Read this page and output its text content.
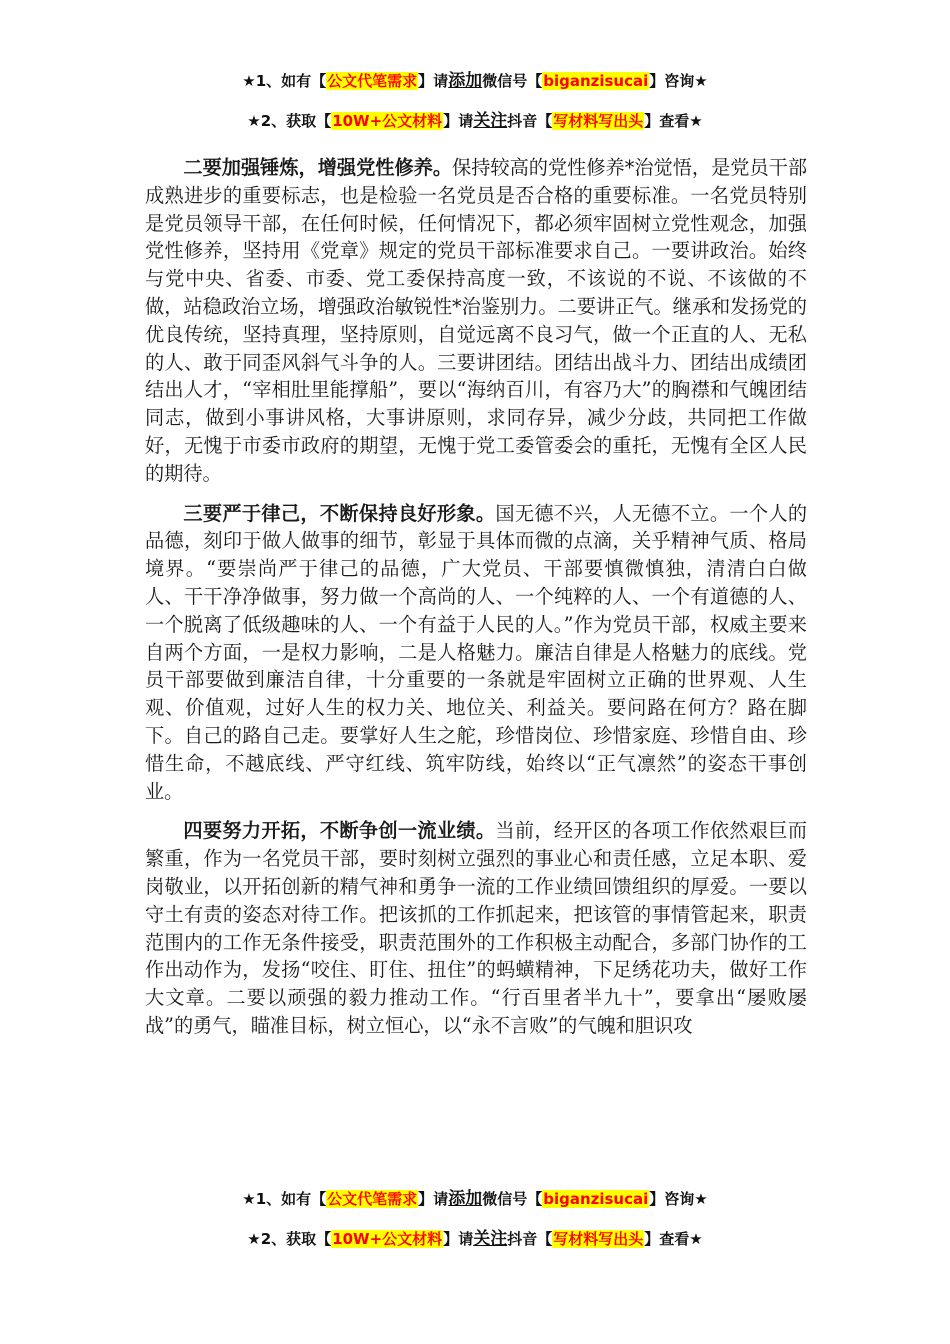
★1、如有【公文代笔需求】请添加微信号【biganzisucai】咨询★
★2、获取【10W+公文材料】请关注抖音【写材料写出头】查看★

二要加强锤炼，增强党性修养。保持较高的党性修养*治觉悟，是党员干部成熟进步的重要标志，也是检验一名党员是否合格的重要标准。一名党员特别是党员领导干部，在任何时候，任何情况下，都必须牢固树立党性观念，加强党性修养，坚持用《党章》规定的党员干部标准要求自己。一要讲政治。始终与党中央、省委、市委、党工委保持高度一致，不该说的不说、不该做的不做，站稳政治立场，增强政治敏锐性*治鉴别力。二要讲正气。继承和发扬党的优良传统，坚持真理，坚持原则，自觉远离不良习气，做一个正直的人、无私的人、敢于同歪风斜气斗争的人。三要讲团结。团结出战斗力、团结出成绩团结出人才，“宰相肚里能撑船”，要以“海纳百川，有容乃大”的胸襟和气魄团结同志，做到小事讲风格，大事讲原则，求同存异，减少分歧，共同把工作做好，无愧于市委市政府的期望，无愧于党工委管委会的重托，无愧有全区人民的期待。

三要严于律己，不断保持良好形象。国无德不兴，人无德不立。一个人的品德，刻印于做人做事的细节，彰显于具体而微的点滴，关乎精神气质、格局境界。“要崇尚严于律己的品德，广大党员、干部要慎微慎独，清清白白做人、干干净净做事，努力做一个高尚的人、一个纯粹的人、一个有道德的人、一个脱离了低级趣味的人、一个有益于人民的人。”作为党员干部，权威主要来自两个方面，一是权力影响，二是人格魅力。廉洁自律是人格魅力的底线。党员干部要做到廉洁自律，十分重要的一条就是牢固树立正确的世界观、人生观、价值观，过好人生的权力关、地位关、利益关。要问路在何方？路在脚下。自己的路自己走。要掌好人生之舵，珍惜岗位、珍惜家庭、珍惜自由、珍惜生命，不越底线、严守红线、筑牢防线，始终以“正气凛然”的姿态干事创业。

四要努力开拓，不断争创一流业绩。当前，经开区的各项工作依然艰巨而繁重，作为一名党员干部，要时刻树立强烈的事业心和责任感，立足本职、爱岗敬业，以开拓创新的精气神和勇争一流的工作业绩回馈组织的厚爱。一要以守土有责的姿态对待工作。把该抓的工作抓起来，把该管的事情管起来，职责范围内的工作无条件接受，职责范围外的工作积极主动配合，多部门协作的工作出动作为，发扬“咬住、盯住、扭住”的蚂蟥精神，下足绣花功夫，做好工作大文章。二要以顽强的毅力推动工作。“行百里者半九十”，要拿出“屡败屡战”的勇气，瞄准目标，树立恒心，以“永不言败”的气魄和胆识攻

★1、如有【公文代笔需求】请添加微信号【biganzisucai】咨询★
★2、获取【10W+公文材料】请关注抖音【写材料写出头】查看★
